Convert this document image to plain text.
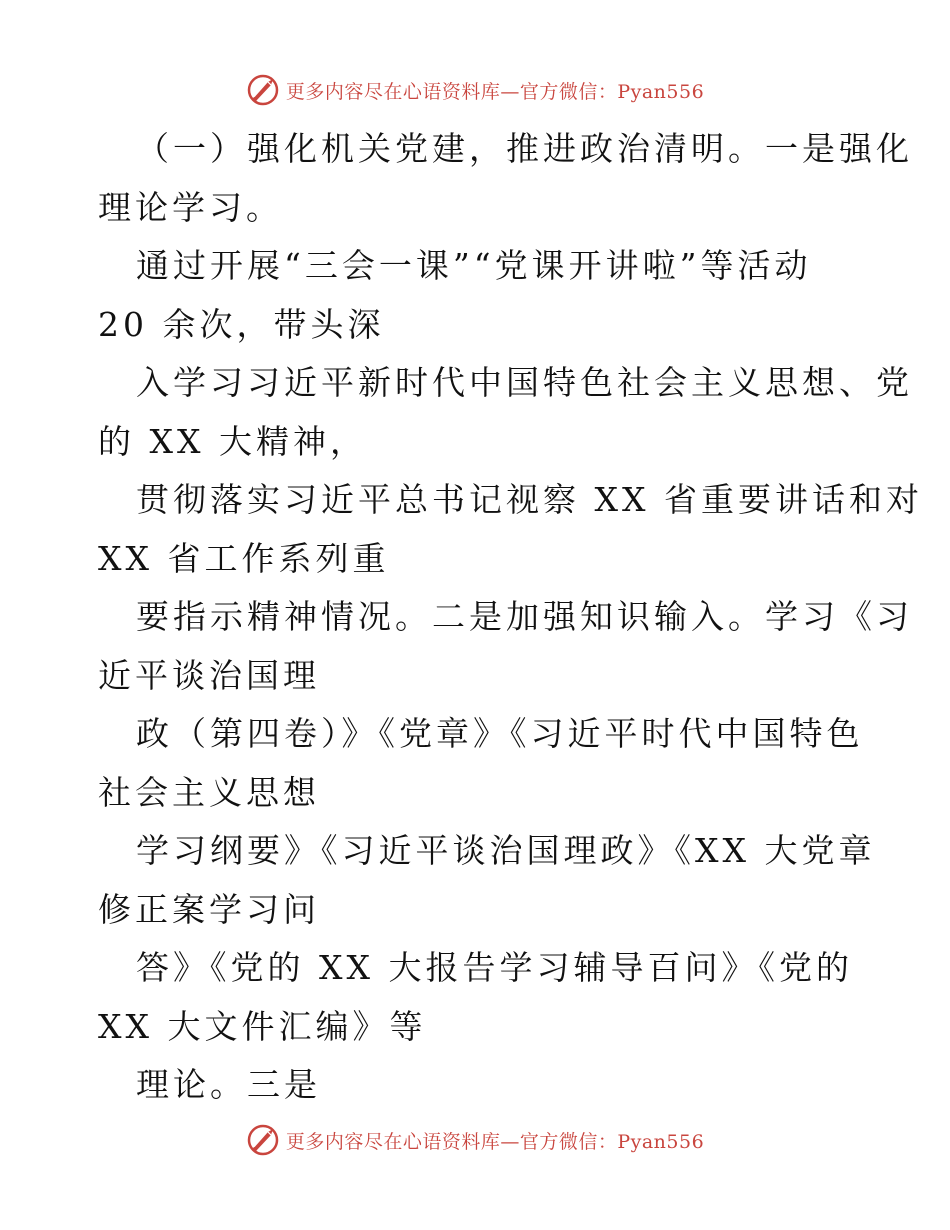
更多内容尽在心语资料库—官方微信：Pyan556
（一）强化机关党建，推进政治清明。一是强化
理论学习。
通过开展“三会一课”“党课开讲啦”等活动
20 余次，带头深
入学习习近平新时代中国特色社会主义思想、党
的 XX 大精神，
贯彻落实习近平总书记视察 XX 省重要讲话和对
XX 省工作系列重
要指示精神情况。二是加强知识输入。学习《习
近平谈治国理
政（第四卷）》《党章》《习近平时代中国特色
社会主义思想
学习纲要》《习近平谈治国理政》《XX 大党章
修正案学习问
答》《党的 XX 大报告学习辅导百问》《党的
XX 大文件汇编》等
理论。三是
更多内容尽在心语资料库—官方微信：Pyan556
